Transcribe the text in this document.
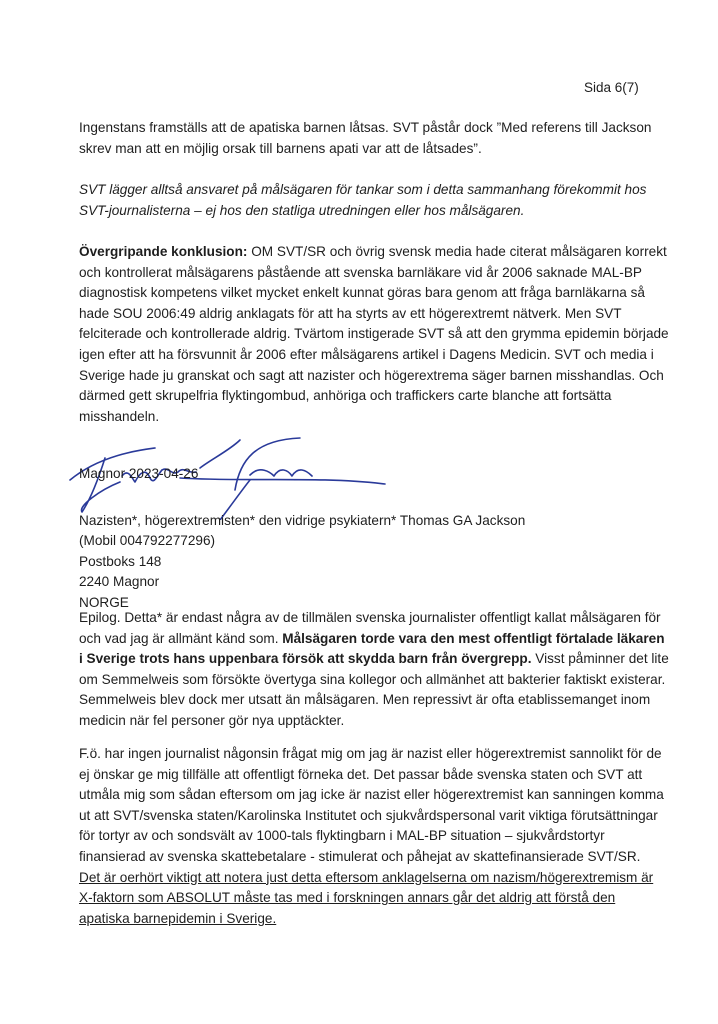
Sida 6(7)

Ingenstans framställs att de apatiska barnen låtsas. SVT påstår dock ”Med referens till Jackson skrev man att en möjlig orsak till barnens apati var att de låtsades”.

SVT lägger alltså ansvaret på målsägaren för tankar som i detta sammanhang förekommit hos SVT-journalisterna – ej hos den statliga utredningen eller hos målsägaren.

Övergripande konklusion: OM SVT/SR och övrig svensk media hade citerat målsägaren korrekt och kontrollerat målsägarens påstående att svenska barnläkare vid år 2006 saknade MAL-BP diagnostisk kompetens vilket mycket enkelt kunnat göras bara genom att fråga barnläkarna så hade SOU 2006:49 aldrig anklagats för att ha styrts av ett högerextremt nätverk. Men SVT felciterade och kontrollerade aldrig. Tvärtom instigerade SVT så att den grymma epidemin började igen efter att ha försvunnit år 2006 efter målsägarens artikel i Dagens Medicin. SVT och media i Sverige hade ju granskat och sagt att nazister och högerextrema säger barnen misshandlas. Och därmed gett skrupelfria flyktingombud, anhöriga och traffickers carte blanche att fortsätta misshandeln.

Magnor 2023-04-26
Nazisten*, högerextremisten* den vidrige psykiatern* Thomas GA Jackson
(Mobil 004792277296)
Postboks 148
2240 Magnor
NORGE

Epilog. Detta* är endast några av de tillmälen svenska journalister offentligt kallat målsägaren för och vad jag är allmänt känd som. Målsägaren torde vara den mest offentligt förtalade läkaren i Sverige trots hans uppenbara försök att skydda barn från övergrepp. Visst påminner det lite om Semmelweis som försökte övertyga sina kollegor och allmänhet att bakterier faktiskt existerar. Semmelweis blev dock mer utsatt än målsägaren. Men repressivt är ofta etablissemanget inom medicin när fel personer gör nya upptäckter.

F.ö. har ingen journalist någonsin frågat mig om jag är nazist eller högerextremist sannolikt för de ej önskar ge mig tillfälle att offentligt förneka det. Det passar både svenska staten och SVT att utmåla mig som sådan eftersom om jag icke är nazist eller högerextremist kan sanningen komma ut att SVT/svenska staten/Karolinska Institutet och sjukvårdspersonal varit viktiga förutsättningar för tortyr av och sondsvält av 1000-tals flyktingbarn i MAL-BP situation – sjukvårdstortyr finansierad av svenska skattebetalare - stimulerat och påhejat av skattefinansierade SVT/SR.

Det är oerhört viktigt att notera just detta eftersom anklagelserna om nazism/högerextremism är X-faktorn som ABSOLUT måste tas med i forskningen annars går det aldrig att förstå den apatiska barnepidemin i Sverige.
